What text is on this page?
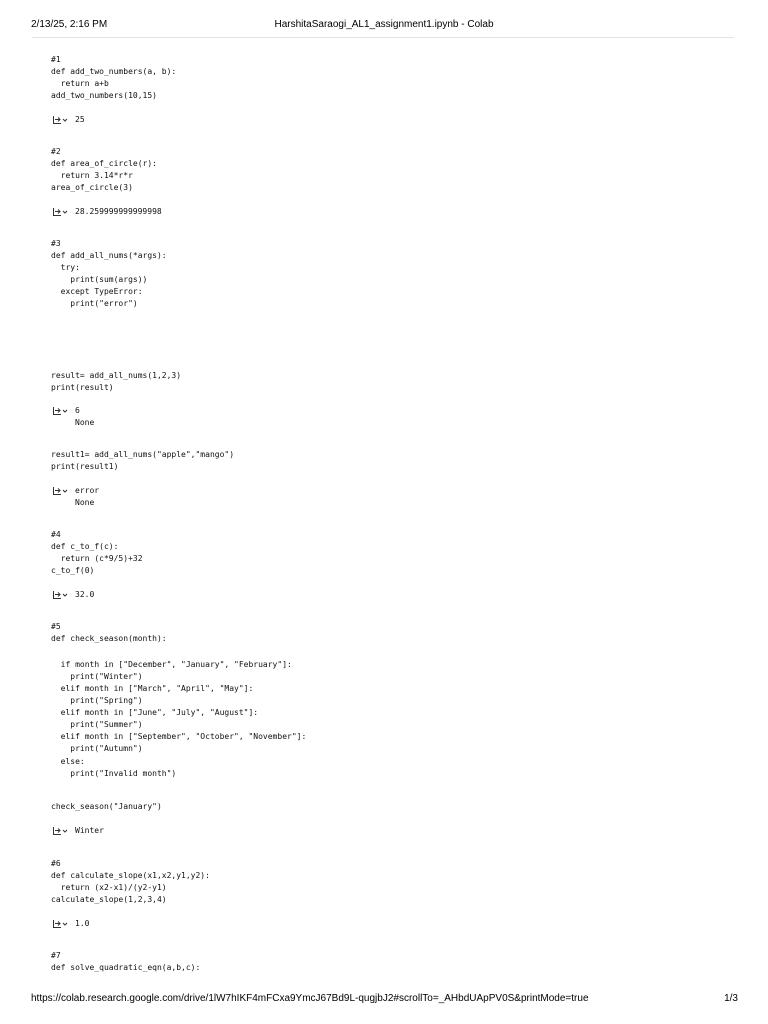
2/13/25, 2:16 PM	HarshitaSaraogi_AL1_assignment1.ipynb - Colab
#1
def add_two_numbers(a, b):
return a+b
add_two_numbers(10,15)
25
#2
def area_of_circle(r):
return 3.14*r*r
area_of_circle(3)
28.259999999999998
#3
def add_all_nums(*args):
try:
print(sum(args))
except TypeError:
print("error")
result= add_all_nums(1,2,3)
print(result)
6
None
result1= add_all_nums("apple","mango")
print(result1)
error
None
#4
def c_to_f(c):
return (c*9/5)+32
c_to_f(0)
32.0
#5
def check_season(month):
if month in ["December", "January", "February"]:
print("Winter")
elif month in ["March", "April", "May"]:
print("Spring")
elif month in ["June", "July", "August"]:
print("Summer")
elif month in ["September", "October", "November"]:
print("Autumn")
else:
print("Invalid month")
check_season("January")
Winter
#6
def calculate_slope(x1,x2,y1,y2):
return (x2-x1)/(y2-y1)
calculate_slope(1,2,3,4)
1.0
#7
def solve_quadratic_eqn(a,b,c):
https://colab.research.google.com/drive/1lW7hIKF4mFCxa9YmcJ67Bd9L-qugjbJ2#scrollTo=_AHbdUApPV0S&printMode=true	1/3
